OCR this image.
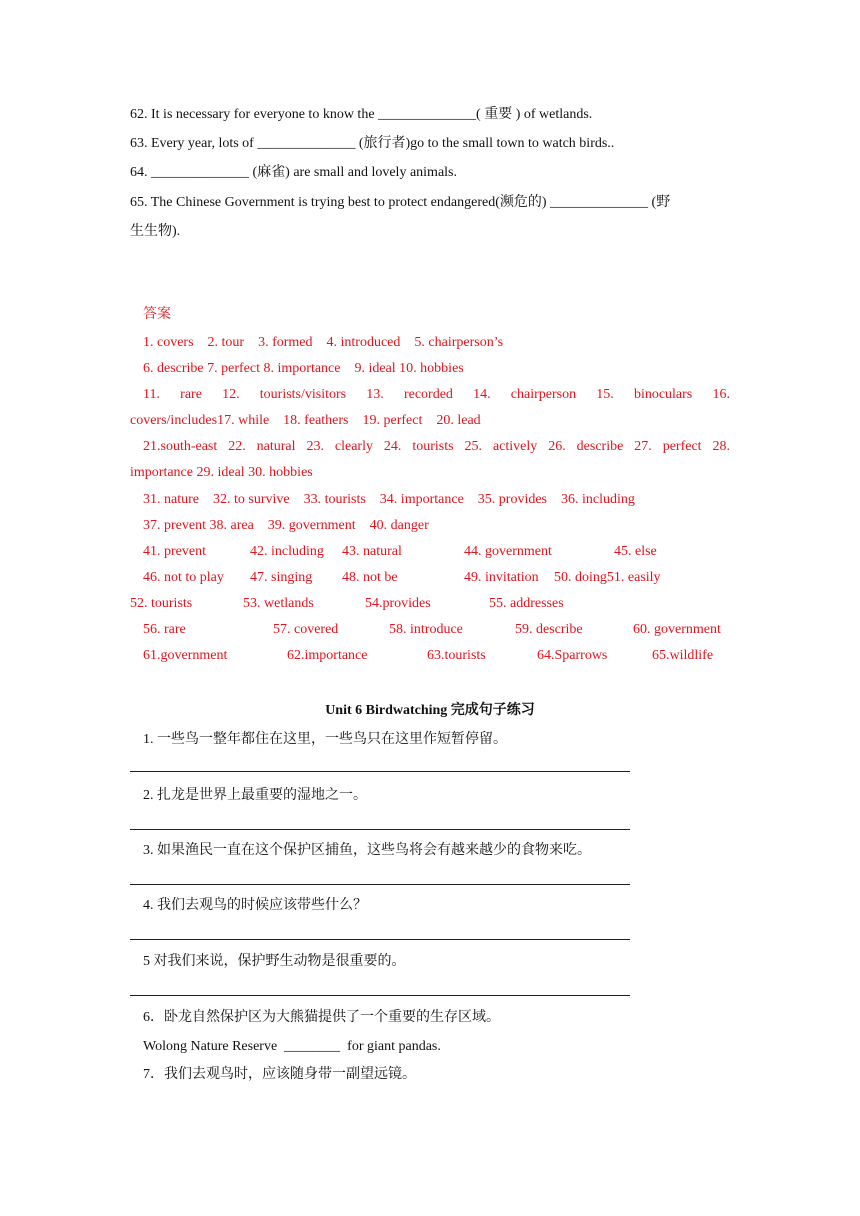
62. It is necessary for everyone to know the ______________( 重要 ) of wetlands.
63. Every year, lots of ______________ (旅行者)go to the small town to watch birds..
64. ______________ (麻雀) are small and lovely animals.
65. The Chinese Government is trying best to protect endangered(濒危的) ______________ (野
生生物).
答案
1. covers    2. tour    3. formed    4. introduced    5. chairperson’s
6. describe 7. perfect 8. importance    9. ideal 10. hobbies
11. rare 12. tourists/visitors 13. recorded 14. chairperson 15. binoculars 16.
covers/includes17. while    18. feathers    19. perfect    20. lead
21.south-east 22. natural 23. clearly 24. tourists 25. actively 26. describe 27. perfect 28.
importance 29. ideal 30. hobbies
31. nature    32. to survive    33. tourists    34. importance    35. provides    36. including
37. prevent 38. area    39. government    40. danger
41. prevent	42. including 43. natural	44. government	45. else
46. not to play 47. singing 48. not be	49. invitation 50. doing51. easily
52. tourists	53. wetlands	54.provides	55. addresses
56. rare	57. covered	58. introduce	59. describe	60. government
61.government	62.importance	63.tourists	64.Sparrows	65.wildlife
Unit 6 Birdwatching 完成句子练习
1. 一些鸟一整年都住在这里，一些鸟只在这里作短暂停留。
2. 扎龙是世界上最重要的湿地之一。
3. 如果渔民一直在这个保护区捕鱼，这些鸟将会有越来越少的食物来吃。
4. 我们去观鸟的时候应该带些什么？
5 对我们来说，保护野生动物是很重要的。
6．卧龙自然保护区为大熊猫提供了一个重要的生存区域。
Wolong Nature Reserve  ________  for giant pandas.
7．我们去观鸟时，应该随身带一副望远镜。
